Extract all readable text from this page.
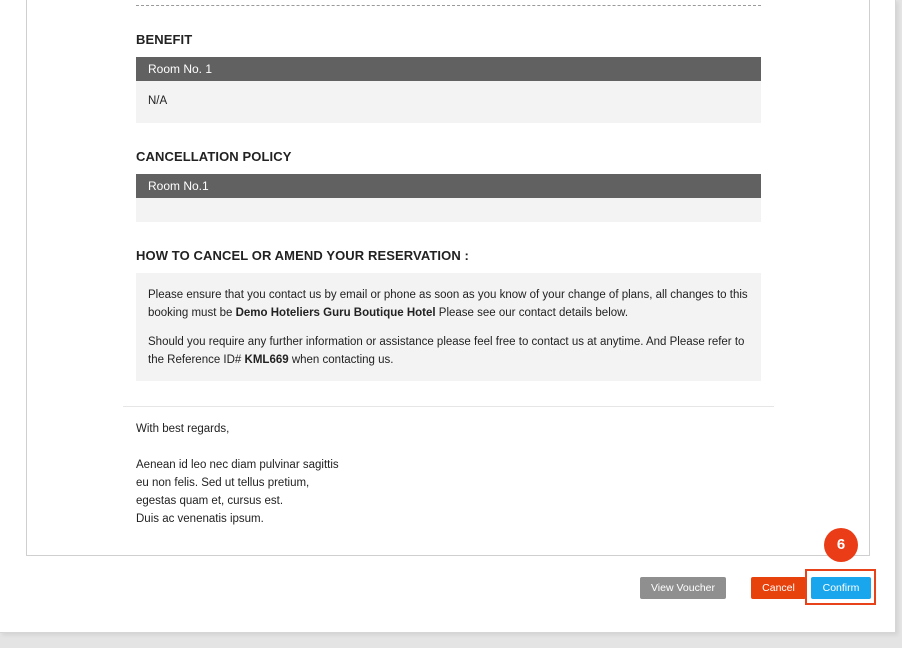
BENEFIT
Room No. 1
N/A
CANCELLATION POLICY
Room No.1
HOW TO CANCEL OR AMEND YOUR RESERVATION :

Please ensure that you contact us by email or phone as soon as you know of your change of plans, all changes to this booking must be Demo Hoteliers Guru Boutique Hotel Please see our contact details below.

Should you require any further information or assistance please feel free to contact us at anytime. And Please refer to the Reference ID# KML669 when contacting us.

With best regards,
Aenean id leo nec diam pulvinar sagittis
eu non felis. Sed ut tellus pretium,
egestas quam et, cursus est.
Duis ac venenatis ipsum.
View Voucher	Cancel	Confirm
6
